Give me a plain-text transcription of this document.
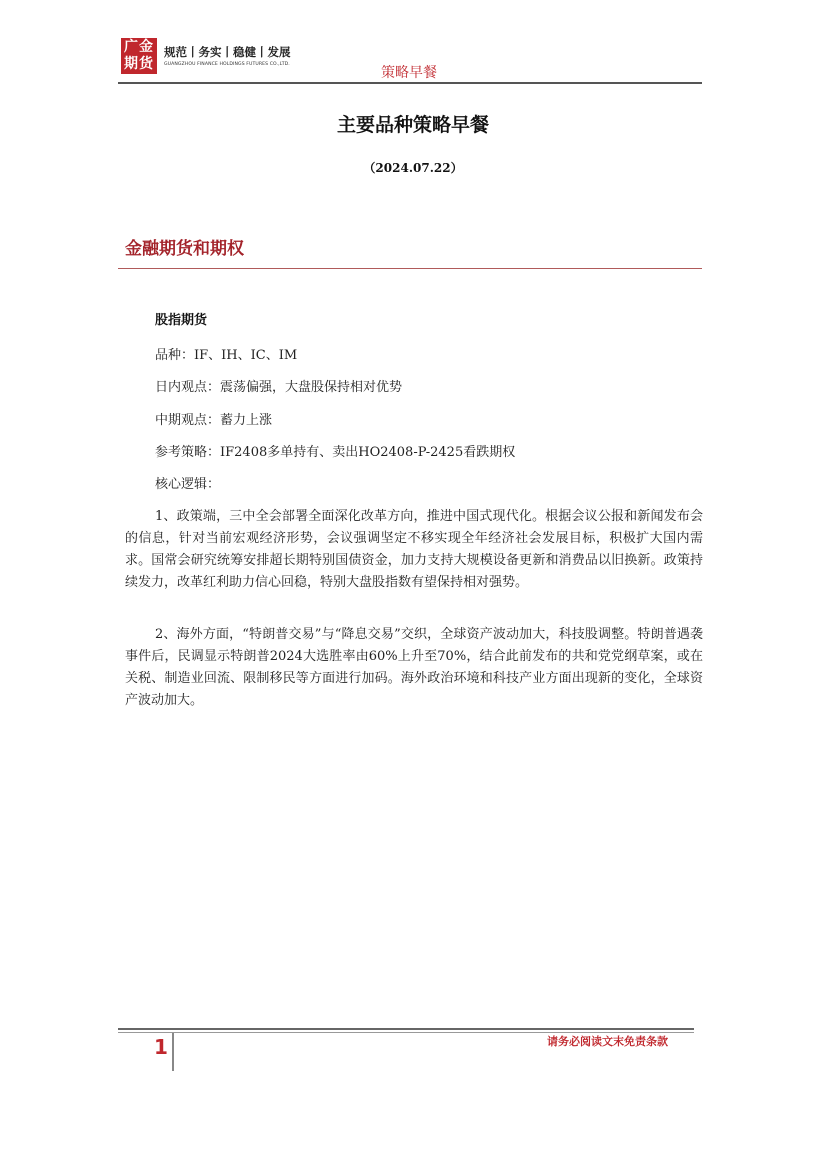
广金
期货
规范丨务实丨稳健丨发展
GUANGZHOU FINANCE HOLDINGS FUTURES CO.,LTD.
策略早餐
主要品种策略早餐
（2024.07.22）
金融期货和期权
股指期货
品种：IF、IH、IC、IM
日内观点：震荡偏强，大盘股保持相对优势
中期观点：蓄力上涨
参考策略：IF2408多单持有、卖出HO2408-P-2425看跌期权
核心逻辑：
1、政策端，三中全会部署全面深化改革方向，推进中国式现代化。根据会议公报和新闻发布会的信息，针对当前宏观经济形势，会议强调坚定不移实现全年经济社会发展目标，积极扩大国内需求。国常会研究统筹安排超长期特别国债资金，加力支持大规模设备更新和消费品以旧换新。政策持续发力，改革红利助力信心回稳，特别大盘股指数有望保持相对强势。
2、海外方面，“特朗普交易”与“降息交易”交织，全球资产波动加大，科技股调整。特朗普遇袭事件后，民调显示特朗普2024大选胜率由60%上升至70%，结合此前发布的共和党党纲草案，或在关税、制造业回流、限制移民等方面进行加码。海外政治环境和科技产业方面出现新的变化，全球资产波动加大。
1	请务必阅读文末免责条款
